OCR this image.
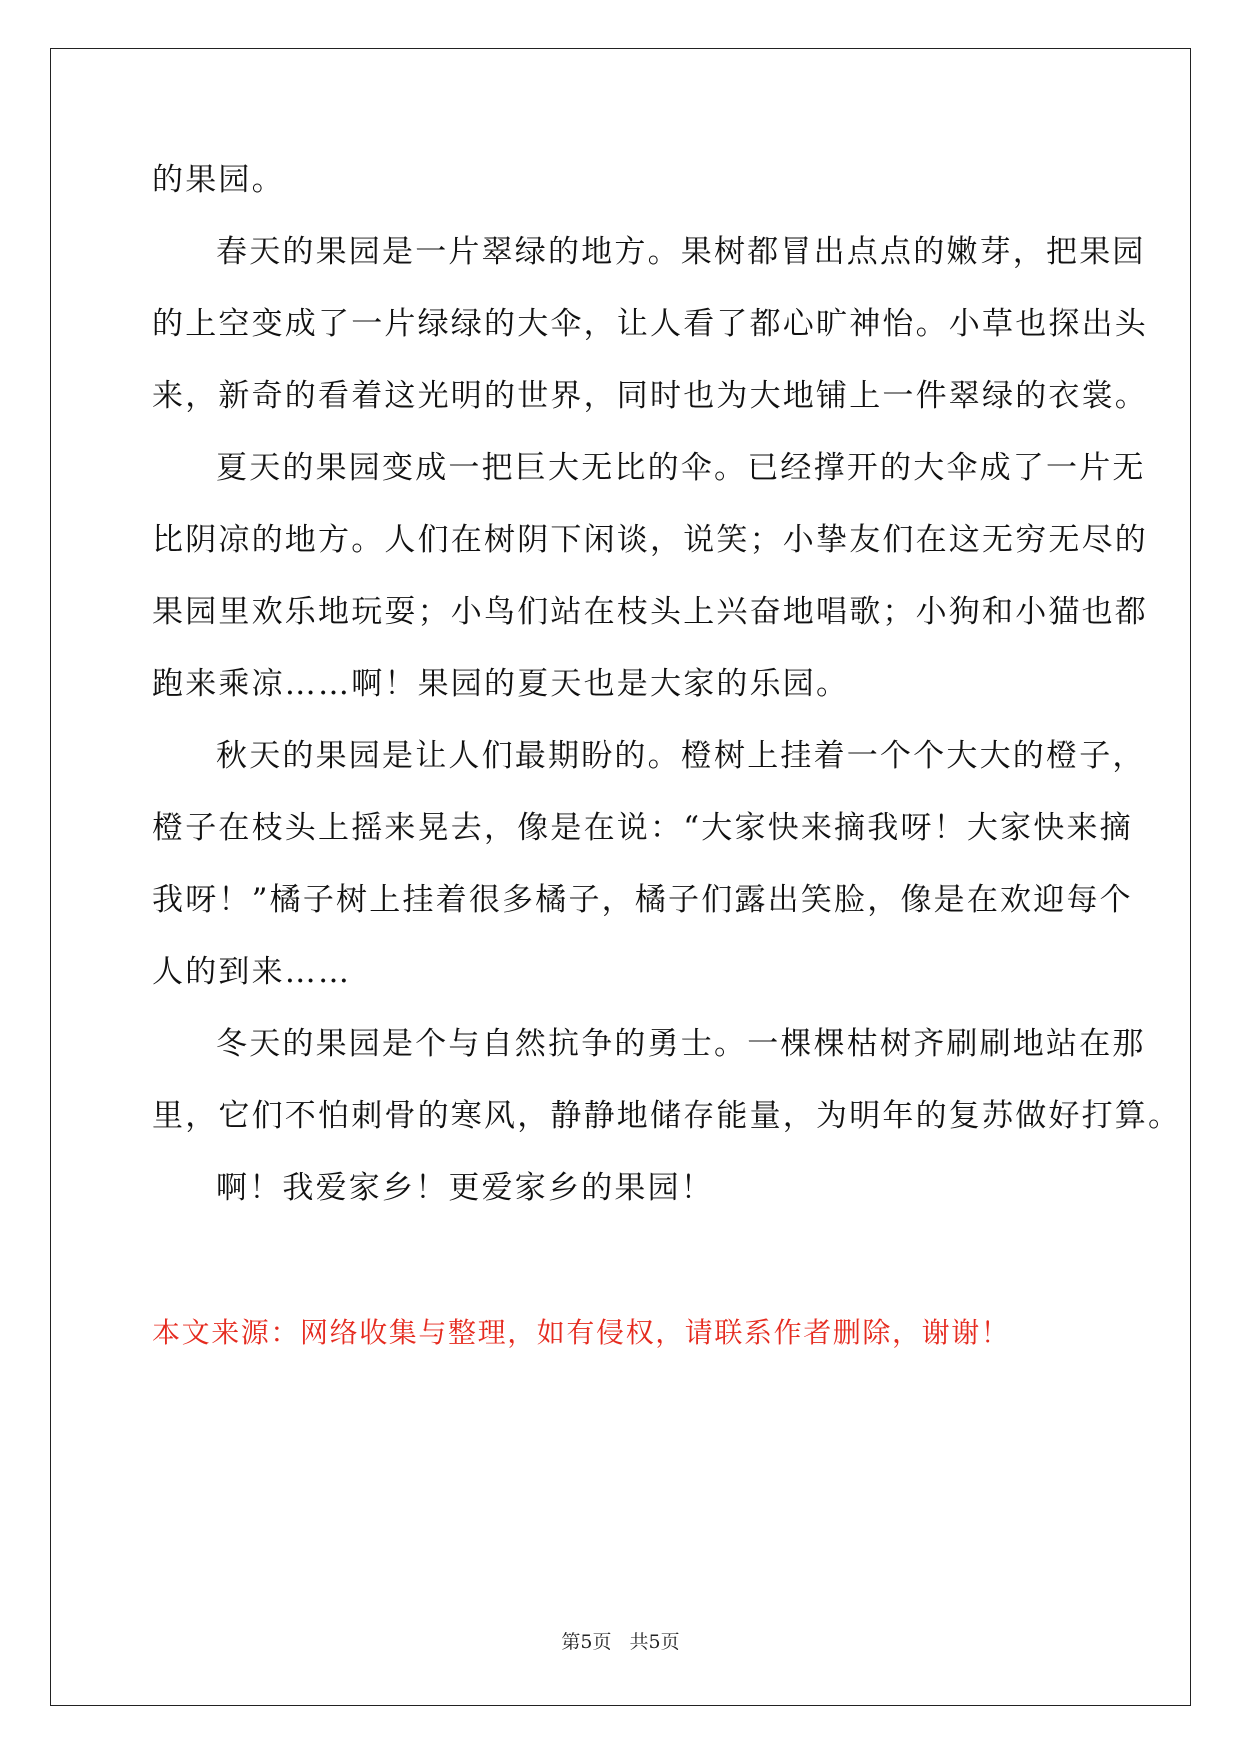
的果园。
春天的果园是一片翠绿的地方。果树都冒出点点的嫩芽，把果园
的上空变成了一片绿绿的大伞，让人看了都心旷神怡。小草也探出头
来，新奇的看着这光明的世界，同时也为大地铺上一件翠绿的衣裳。
夏天的果园变成一把巨大无比的伞。已经撑开的大伞成了一片无
比阴凉的地方。人们在树阴下闲谈，说笑；小挚友们在这无穷无尽的
果园里欢乐地玩耍；小鸟们站在枝头上兴奋地唱歌；小狗和小猫也都
跑来乘凉……啊！果园的夏天也是大家的乐园。
秋天的果园是让人们最期盼的。橙树上挂着一个个大大的橙子，
橙子在枝头上摇来晃去，像是在说：“大家快来摘我呀！大家快来摘
我呀！”橘子树上挂着很多橘子，橘子们露出笑脸，像是在欢迎每个
人的到来……
冬天的果园是个与自然抗争的勇士。一棵棵枯树齐刷刷地站在那
里，它们不怕刺骨的寒风，静静地储存能量，为明年的复苏做好打算。
啊！我爱家乡！更爱家乡的果园！
本文来源：网络收集与整理，如有侵权，请联系作者删除，谢谢！
第5页 共5页
